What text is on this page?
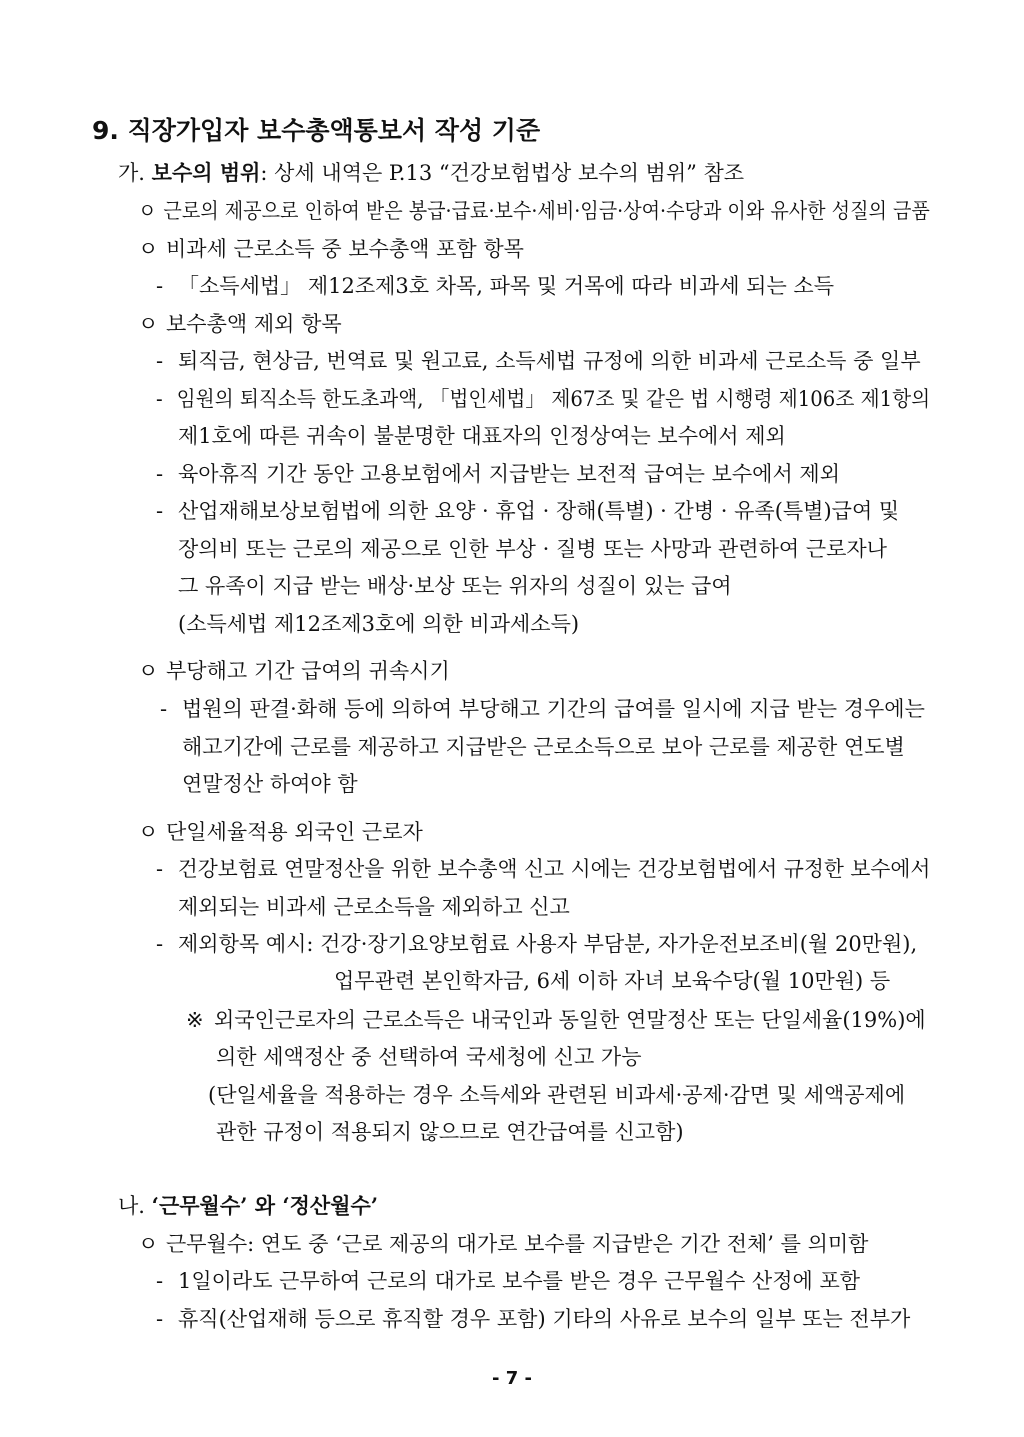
9. 직장가입자 보수총액통보서 작성 기준
가. 보수의 범위: 상세 내역은 P.13 “건강보험법상 보수의 범위” 참조
ㅇ 근로의 제공으로 인하여 받은 봉급·급료·보수·세비·임금·상여·수당과 이와 유사한 성질의 금품
ㅇ 비과세 근로소득 중 보수총액 포함 항목
- 「소득세법」 제12조제3호 차목, 파목 및 거목에 따라 비과세 되는 소득
ㅇ 보수총액 제외 항목
- 퇴직금, 현상금, 번역료 및 원고료, 소득세법 규정에 의한 비과세 근로소득 중 일부
- 임원의 퇴직소득 한도초과액, 「법인세법」 제67조 및 같은 법 시행령 제106조 제1항의
제1호에 따른 귀속이 불분명한 대표자의 인정상여는 보수에서 제외
- 육아휴직 기간 동안 고용보험에서 지급받는 보전적 급여는 보수에서 제외
- 산업재해보상보험법에 의한 요양 · 휴업 · 장해(특별) · 간병 · 유족(특별)급여 및
장의비 또는 근로의 제공으로 인한 부상 · 질병 또는 사망과 관련하여 근로자나
그 유족이 지급 받는 배상·보상 또는 위자의 성질이 있는 급여
(소득세법 제12조제3호에 의한 비과세소득)
ㅇ 부당해고 기간 급여의 귀속시기
- 법원의 판결·화해 등에 의하여 부당해고 기간의 급여를 일시에 지급 받는 경우에는
해고기간에 근로를 제공하고 지급받은 근로소득으로 보아 근로를 제공한 연도별
연말정산 하여야 함
ㅇ 단일세율적용 외국인 근로자
- 건강보험료 연말정산을 위한 보수총액 신고 시에는 건강보험법에서 규정한 보수에서
제외되는 비과세 근로소득을 제외하고 신고
- 제외항목 예시: 건강·장기요양보험료 사용자 부담분, 자가운전보조비(월 20만원),
업무관련 본인학자금, 6세 이하 자녀 보육수당(월 10만원) 등
※ 외국인근로자의 근로소득은 내국인과 동일한 연말정산 또는 단일세율(19%)에
의한 세액정산 중 선택하여 국세청에 신고 가능
(단일세율을 적용하는 경우 소득세와 관련된 비과세·공제·감면 및 세액공제에
관한 규정이 적용되지 않으므로 연간급여를 신고함)
나. ‘근무월수’ 와 ‘정산월수’
ㅇ 근무월수: 연도 중 ‘근로 제공의 대가로 보수를 지급받은 기간 전체’ 를 의미함
- 1일이라도 근무하여 근로의 대가로 보수를 받은 경우 근무월수 산정에 포함
- 휴직(산업재해 등으로 휴직할 경우 포함) 기타의 사유로 보수의 일부 또는 전부가
- 7 -
